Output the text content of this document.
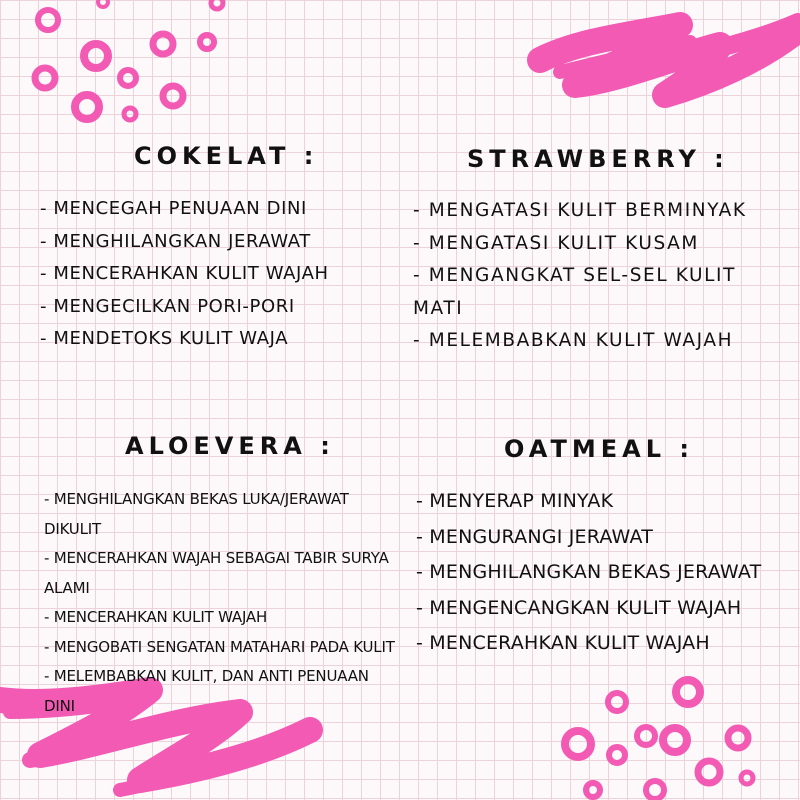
COKELAT :
- MENCEGAH PENUAAN DINI
- MENGHILANGKAN JERAWAT
- MENCERAHKAN KULIT WAJAH
- MENGECILKAN PORI-PORI
- MENDETOKS KULIT WAJA
STRAWBERRY :
- MENGATASI KULIT BERMINYAK
- MENGATASI KULIT KUSAM
- MENGANGKAT SEL-SEL KULIT
MATI
- MELEMBABKAN KULIT WAJAH
ALOEVERA :
- MENGHILANGKAN BEKAS LUKA/JERAWAT
DIKULIT
- MENCERAHKAN WAJAH SEBAGAI TABIR SURYA
ALAMI
- MENCERAHKAN KULIT WAJAH
- MENGOBATI SENGATAN MATAHARI PADA KULIT
- MELEMBABKAN KULIT, DAN ANTI PENUAAN
DINI
OATMEAL :
- MENYERAP MINYAK
- MENGURANGI JERAWAT
- MENGHILANGKAN BEKAS JERAWAT
- MENGENCANGKAN KULIT WAJAH
- MENCERAHKAN KULIT WAJAH
